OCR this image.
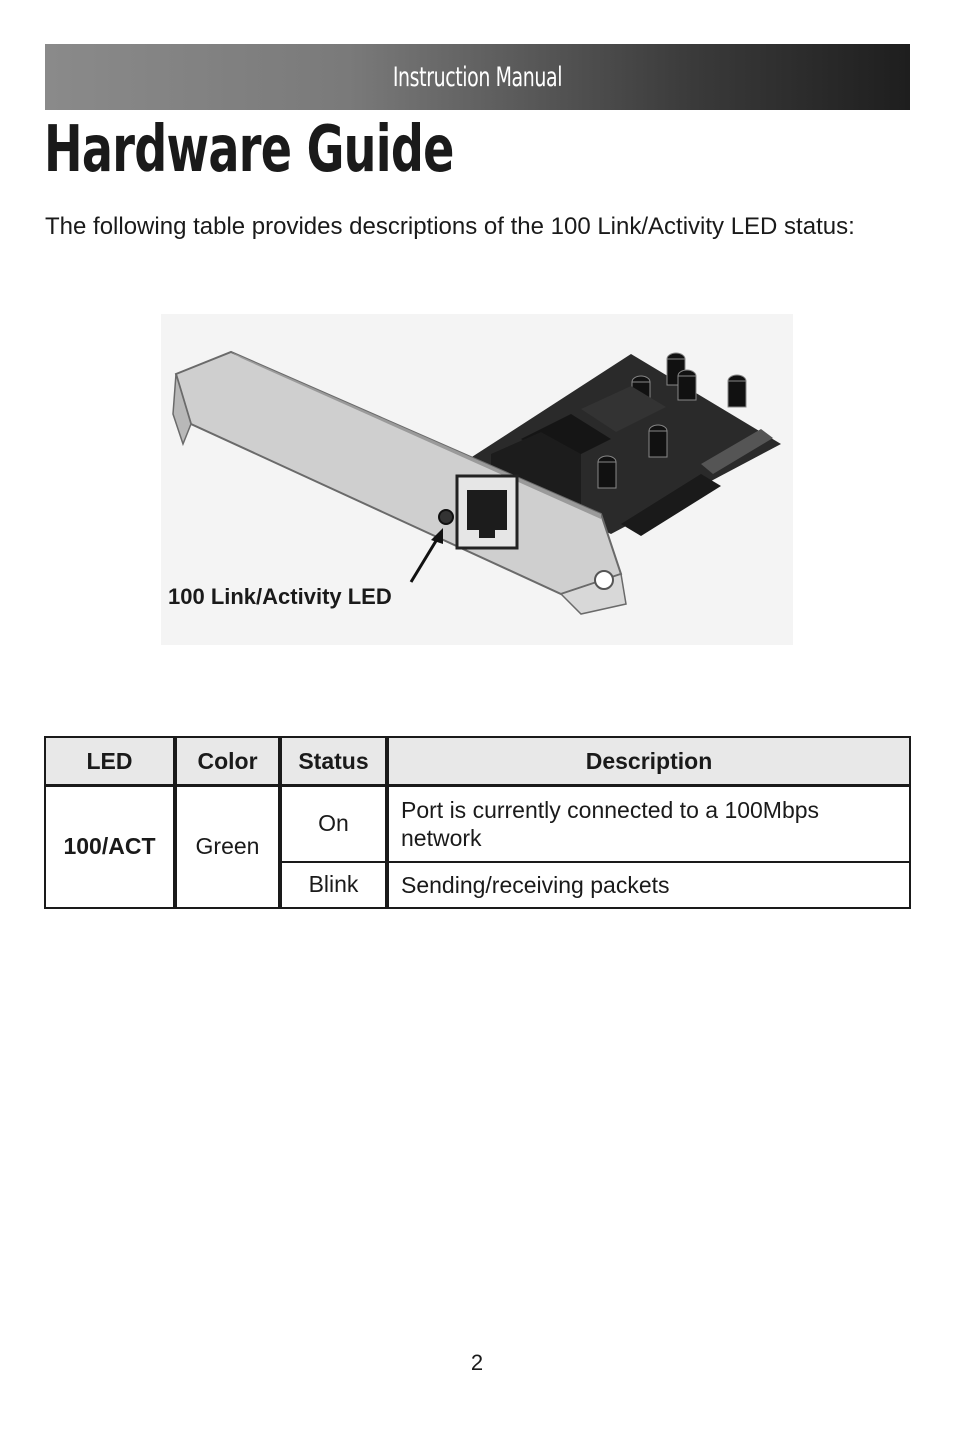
Instruction Manual
Hardware Guide

The following table provides descriptions of the 100 Link/Activity LED status:

100 Link/Activity LED
LED	Color	Status	Description
100/ACT	Green	On	Port is currently connected to a 100Mbps network
		Blink	Sending/receiving packets
2
